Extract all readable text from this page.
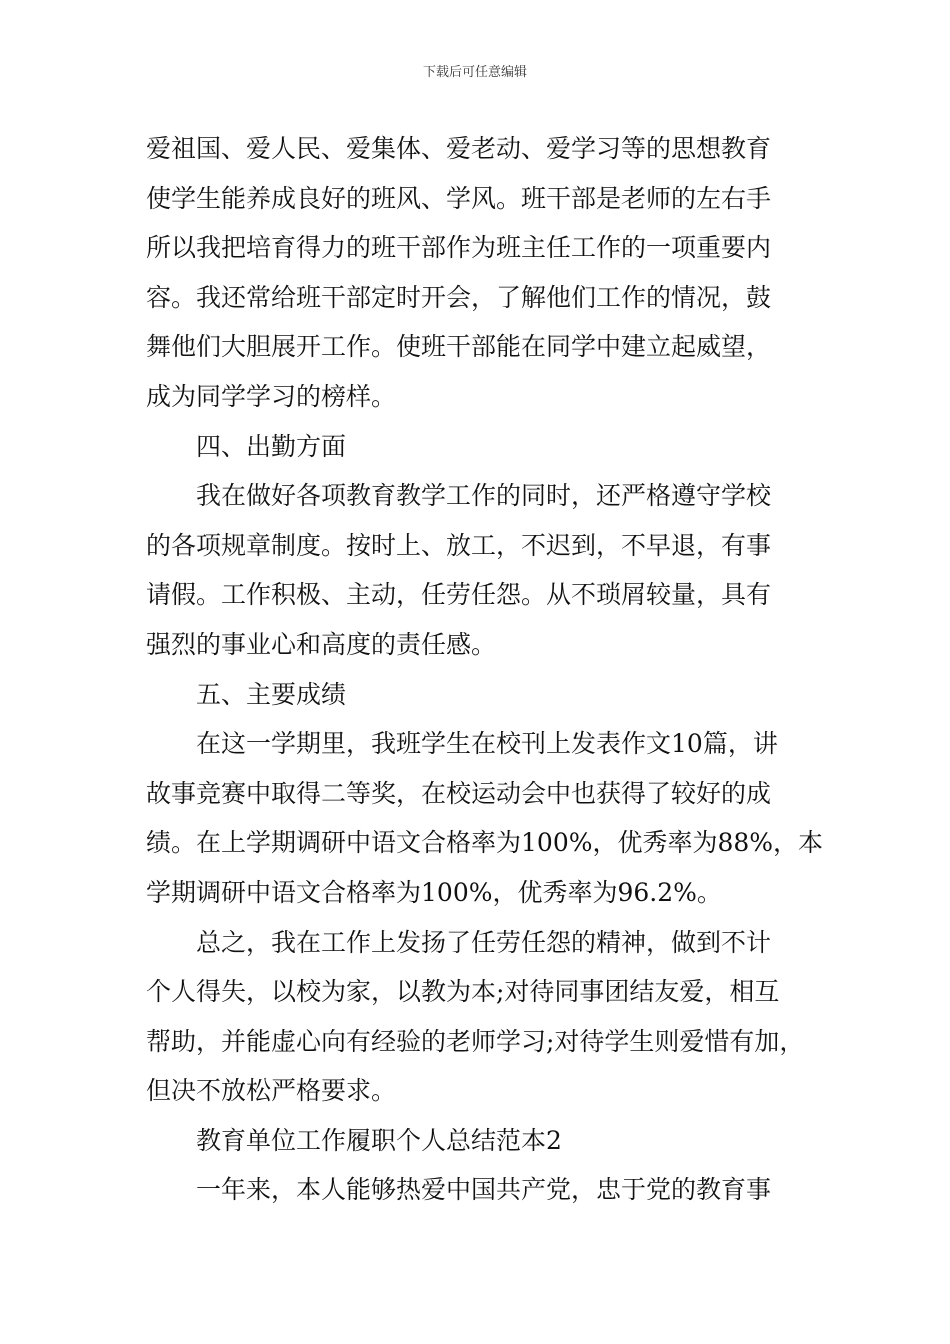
下载后可任意编辑
爱祖国、爱人民、爱集体、爱老动、爱学习等的思想教育
使学生能养成良好的班风、学风。班干部是老师的左右手
所以我把培育得力的班干部作为班主任工作的一项重要内
容。我还常给班干部定时开会，了解他们工作的情况，鼓
舞他们大胆展开工作。使班干部能在同学中建立起威望，
成为同学学习的榜样。
四、出勤方面
我在做好各项教育教学工作的同时，还严格遵守学校
的各项规章制度。按时上、放工，不迟到，不早退，有事
请假。工作积极、主动，任劳任怨。从不琐屑较量，具有
强烈的事业心和高度的责任感。
五、主要成绩
在这一学期里，我班学生在校刊上发表作文10篇，讲
故事竞赛中取得二等奖，在校运动会中也获得了较好的成
绩。在上学期调研中语文合格率为100%，优秀率为88%，本
学期调研中语文合格率为100%，优秀率为96.2%。
总之，我在工作上发扬了任劳任怨的精神，做到不计
个人得失，以校为家，以教为本;对待同事团结友爱，相互
帮助，并能虚心向有经验的老师学习;对待学生则爱惜有加，
但决不放松严格要求。
教育单位工作履职个人总结范本2
一年来，本人能够热爱中国共产党，忠于党的教育事
